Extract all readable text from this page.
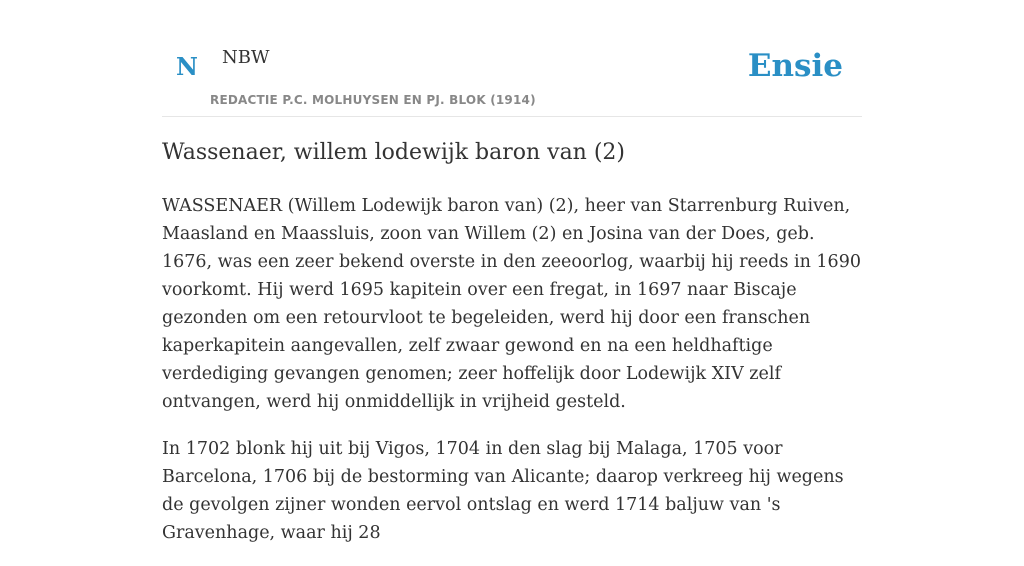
N NBW
REDACTIE P.C. MOLHUYSEN EN PJ. BLOK (1914)
Ensie
Wassenaer, willem lodewijk baron van (2)

WASSENAER (Willem Lodewijk baron van) (2), heer van Starrenburg Ruiven, Maasland en Maassluis, zoon van Willem (2) en Josina van der Does, geb. 1676, was een zeer bekend overste in den zeeoorlog, waarbij hij reeds in 1690 voorkomt. Hij werd 1695 kapitein over een fregat, in 1697 naar Biscaje gezonden om een retourvloot te begeleiden, werd hij door een franschen kaperkapitein aangevallen, zelf zwaar gewond en na een heldhaftige verdediging gevangen genomen; zeer hoffelijk door Lodewijk XIV zelf ontvangen, werd hij onmiddellijk in vrijheid gesteld.

In 1702 blonk hij uit bij Vigos, 1704 in den slag bij Malaga, 1705 voor Barcelona, 1706 bij de bestorming van Alicante; daarop verkreeg hij wegens de gevolgen zijner wonden eervol ontslag en werd 1714 baljuw van 's Gravenhage, waar hij 28
